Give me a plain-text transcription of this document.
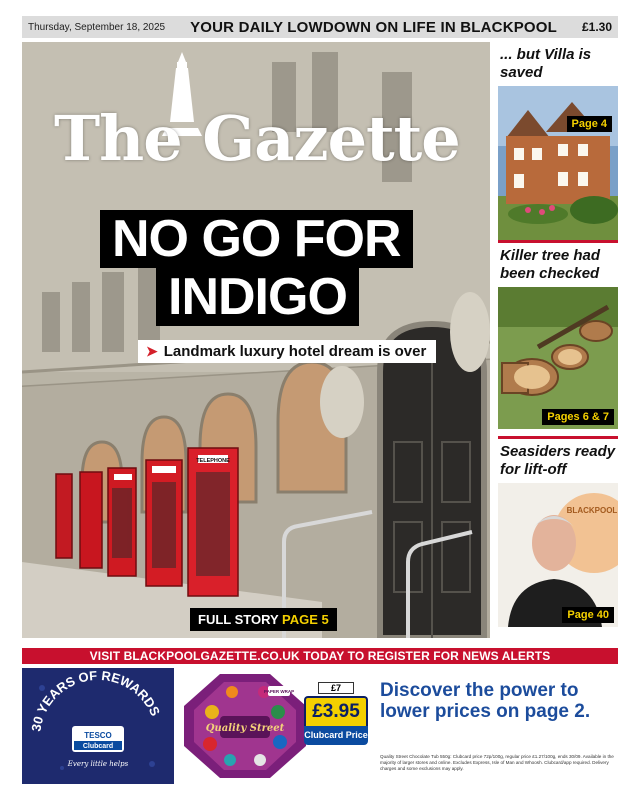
Thursday, September 18, 2025 YOUR DAILY LOWDOWN ON LIFE IN BLACKPOOL £1.30
TELEPHONE
The Gazette
NO GO FOR
INDIGO
➤ Landmark luxury hotel dream is over
FULL STORY PAGE 5
... but Villa is saved
Page 4
Killer tree had been checked
Pages 6 & 7
Seasiders ready for lift-off
BLACKPOOL
Page 40
VISIT BLACKPOOLGAZETTE.CO.UK TODAY TO REGISTER FOR NEWS ALERTS
30 YEARS OF REWARDS
TESCO
Clubcard
Every little helps
Quality Street
PAPER WRAP	£7
£3.95
Clubcard Price
Discover the power to lower prices on page 2.
Quality Street Chocolate Tub 550g: Clubcard price 72p/100g, regular price £1.27/100g, ends 30/09. Available in the majority of larger stores and online. Excludes Express, Isle of Man and Whoosh. Clubcard/app required. Delivery charges and some exclusions may apply.
